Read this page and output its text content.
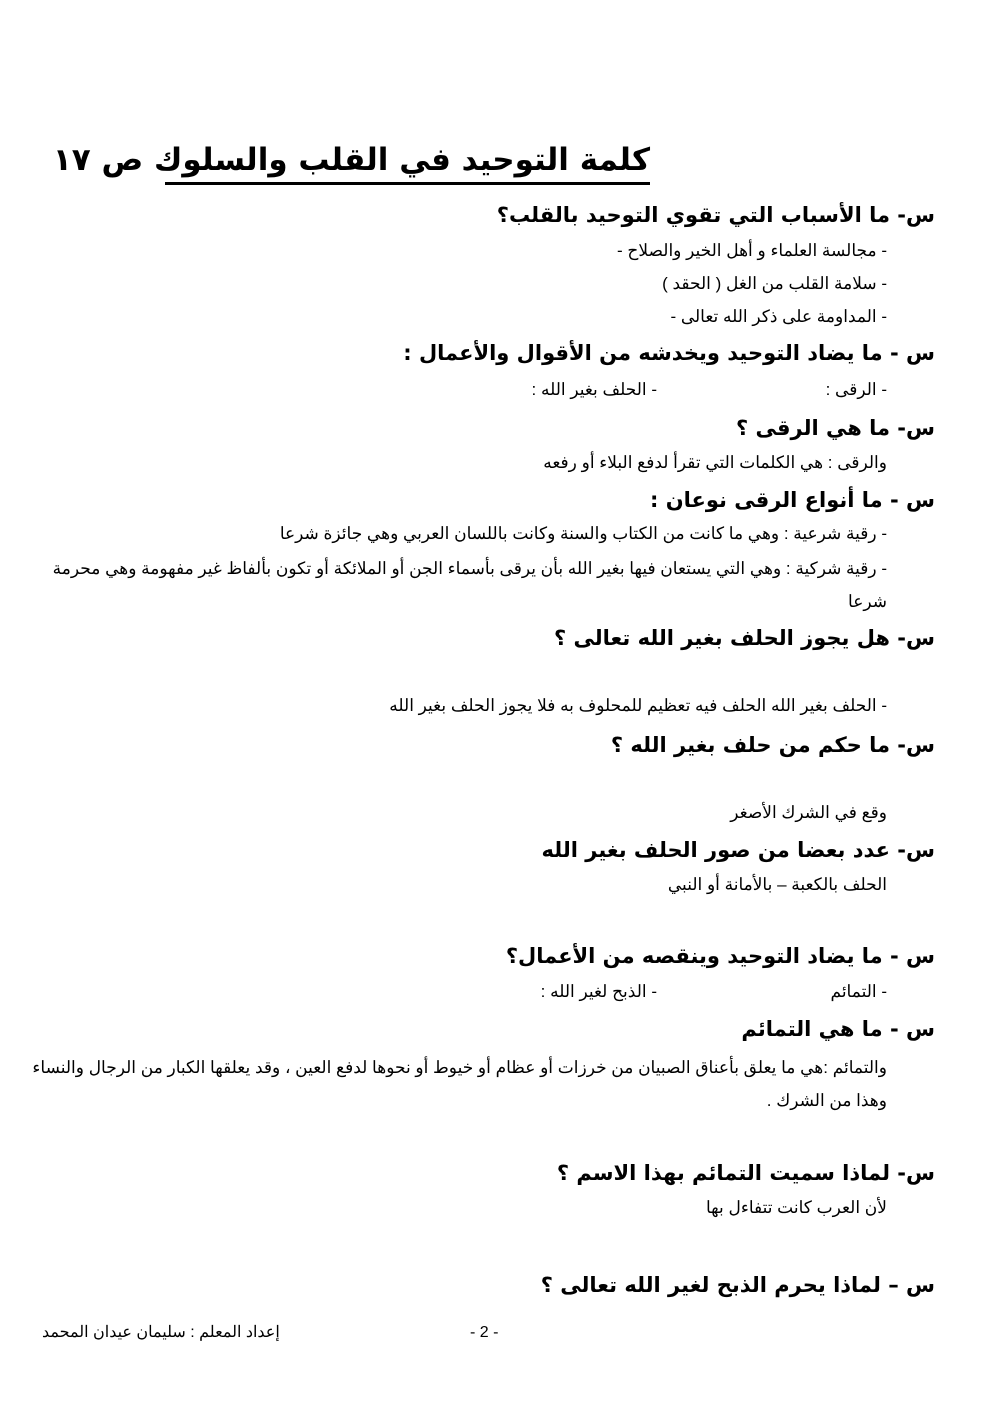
كلمة التوحيد في القلب والسلوك ص ١٧
س- ما الأسباب التي تقوي التوحيد بالقلب؟
- مجالسة العلماء و أهل الخير والصلاح -
- سلامة القلب من الغل ( الحقد )
- المداومة على ذكر الله تعالى -
س - ما يضاد التوحيد ويخدشه من الأقوال والأعمال :
- الرقى :- الحلف بغير الله :
س- ما هي الرقى ؟
والرقى : هي الكلمات التي تقرأ لدفع البلاء أو رفعه
س - ما أنواع الرقى نوعان :
- رقية شرعية : وهي ما كانت من الكتاب والسنة وكانت باللسان العربي وهي جائزة شرعا
- رقية شركية : وهي التي يستعان فيها بغير الله بأن يرقى بأسماء الجن أو الملائكة أو تكون بألفاظ غير مفهومة وهي محرمة شرعا
س- هل يجوز الحلف بغير الله تعالى ؟
- الحلف بغير الله الحلف فيه تعظيم للمحلوف به فلا يجوز الحلف بغير الله
س- ما حكم من حلف بغير الله ؟
وقع في الشرك الأصغر
س- عدد بعضا من صور الحلف بغير الله
الحلف بالكعبة – بالأمانة أو النبي
س - ما يضاد التوحيد وينقصه من الأعمال؟
- التمائم- الذبح لغير الله :
س - ما هي التمائم
والتمائم :هي ما يعلق بأعناق الصبيان من خرزات أو عظام أو خيوط أو نحوها لدفع العين ، وقد يعلقها الكبار من الرجال والنساء وهذا من الشرك .
س- لماذا سميت التمائم بهذا الاسم ؟
لأن العرب كانت تتفاءل بها
س – لماذا يحرم الذبح لغير الله تعالى ؟
- 2 -
إعداد المعلم : سليمان عيدان المحمد
